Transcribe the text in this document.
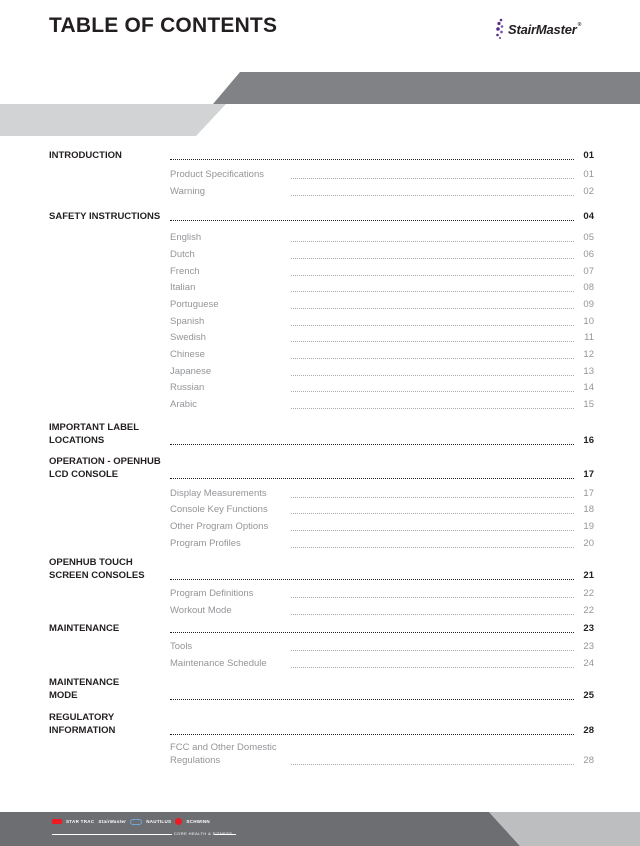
TABLE OF CONTENTS	StairMaster®
INTRODUCTION	01
Product Specifications	01
Warning	02
SAFETY INSTRUCTIONS	04
English	05
Dutch	06
French	07
Italian	08
Portuguese	09
Spanish	10
Swedish	11
Chinese	12
Japanese	13
Russian	14
Arabic	15
IMPORTANT LABEL
LOCATIONS	16
OPERATION - OPENHUB
LCD CONSOLE	17
Display Measurements	17
Console Key Functions	18
Other Program Options	19
Program Profiles	20
OPENHUB TOUCH
SCREEN CONSOLES	21
Program Definitions	22
Workout Mode	22
MAINTENANCE	23
Tools	23
Maintenance Schedule	24
MAINTENANCE
MODE	25
REGULATORY
INFORMATION	28
FCC and Other Domestic
Regulations	28
STAR TRAC StairMaster	NAUTILUS	SCHWINN
CORE HEALTH & FITNESS
